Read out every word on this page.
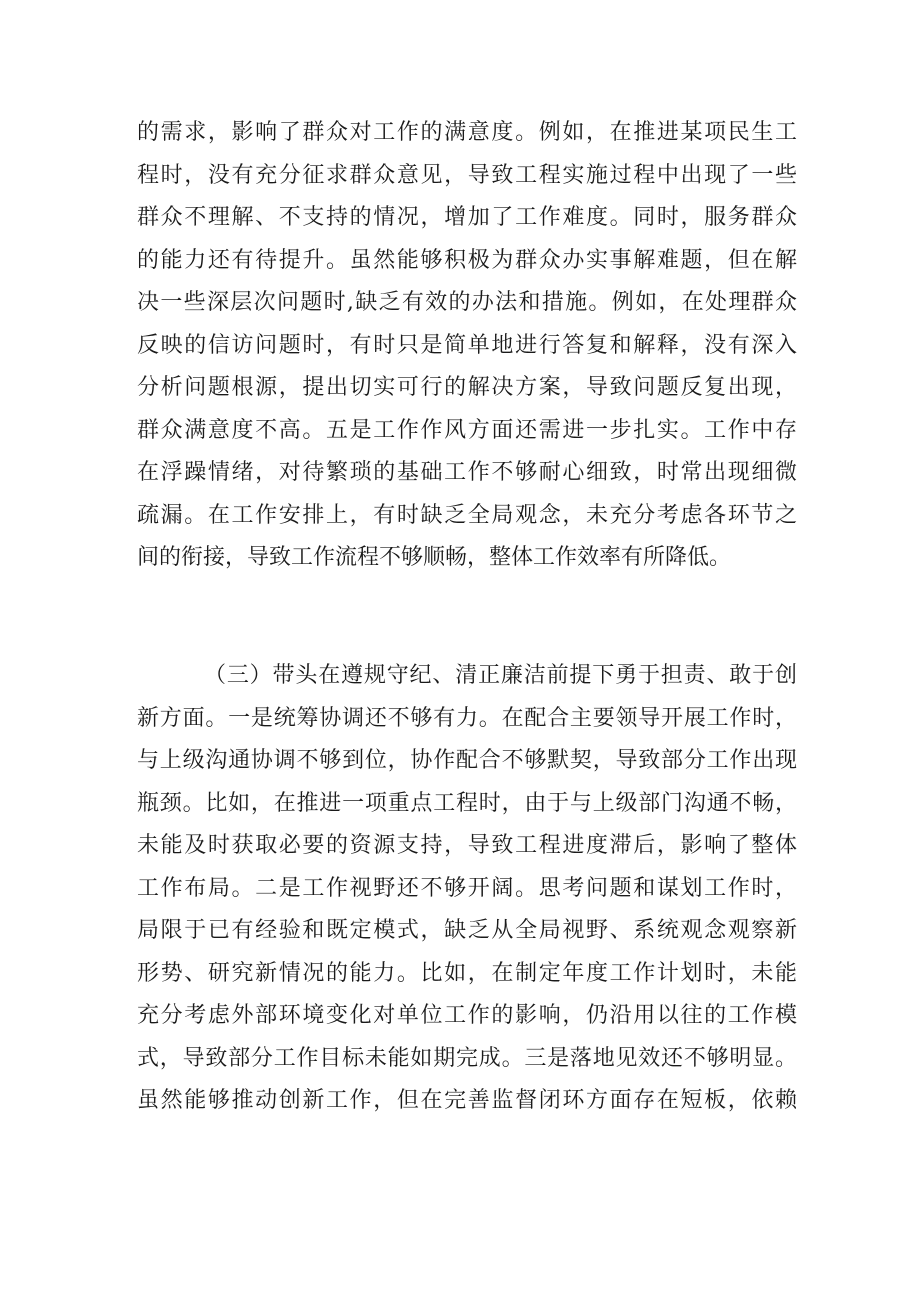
的需求，影响了群众对工作的满意度。例如，在推进某项民生工
程时，没有充分征求群众意见，导致工程实施过程中出现了一些
群众不理解、不支持的情况，增加了工作难度。同时，服务群众
的能力还有待提升。虽然能够积极为群众办实事解难题，但在解
决一些深层次问题时,缺乏有效的办法和措施。例如，在处理群众
反映的信访问题时，有时只是简单地进行答复和解释，没有深入
分析问题根源，提出切实可行的解决方案，导致问题反复出现，
群众满意度不高。五是工作作风方面还需进一步扎实。工作中存
在浮躁情绪，对待繁琐的基础工作不够耐心细致，时常出现细微
疏漏。在工作安排上，有时缺乏全局观念，未充分考虑各环节之
间的衔接，导致工作流程不够顺畅，整体工作效率有所降低。
（三）带头在遵规守纪、清正廉洁前提下勇于担责、敢于创
新方面。一是统筹协调还不够有力。在配合主要领导开展工作时，
与上级沟通协调不够到位，协作配合不够默契，导致部分工作出现
瓶颈。比如，在推进一项重点工程时，由于与上级部门沟通不畅，
未能及时获取必要的资源支持，导致工程进度滞后，影响了整体
工作布局。二是工作视野还不够开阔。思考问题和谋划工作时，
局限于已有经验和既定模式，缺乏从全局视野、系统观念观察新
形势、研究新情况的能力。比如，在制定年度工作计划时，未能
充分考虑外部环境变化对单位工作的影响，仍沿用以往的工作模
式，导致部分工作目标未能如期完成。三是落地见效还不够明显。
虽然能够推动创新工作，但在完善监督闭环方面存在短板，依赖
